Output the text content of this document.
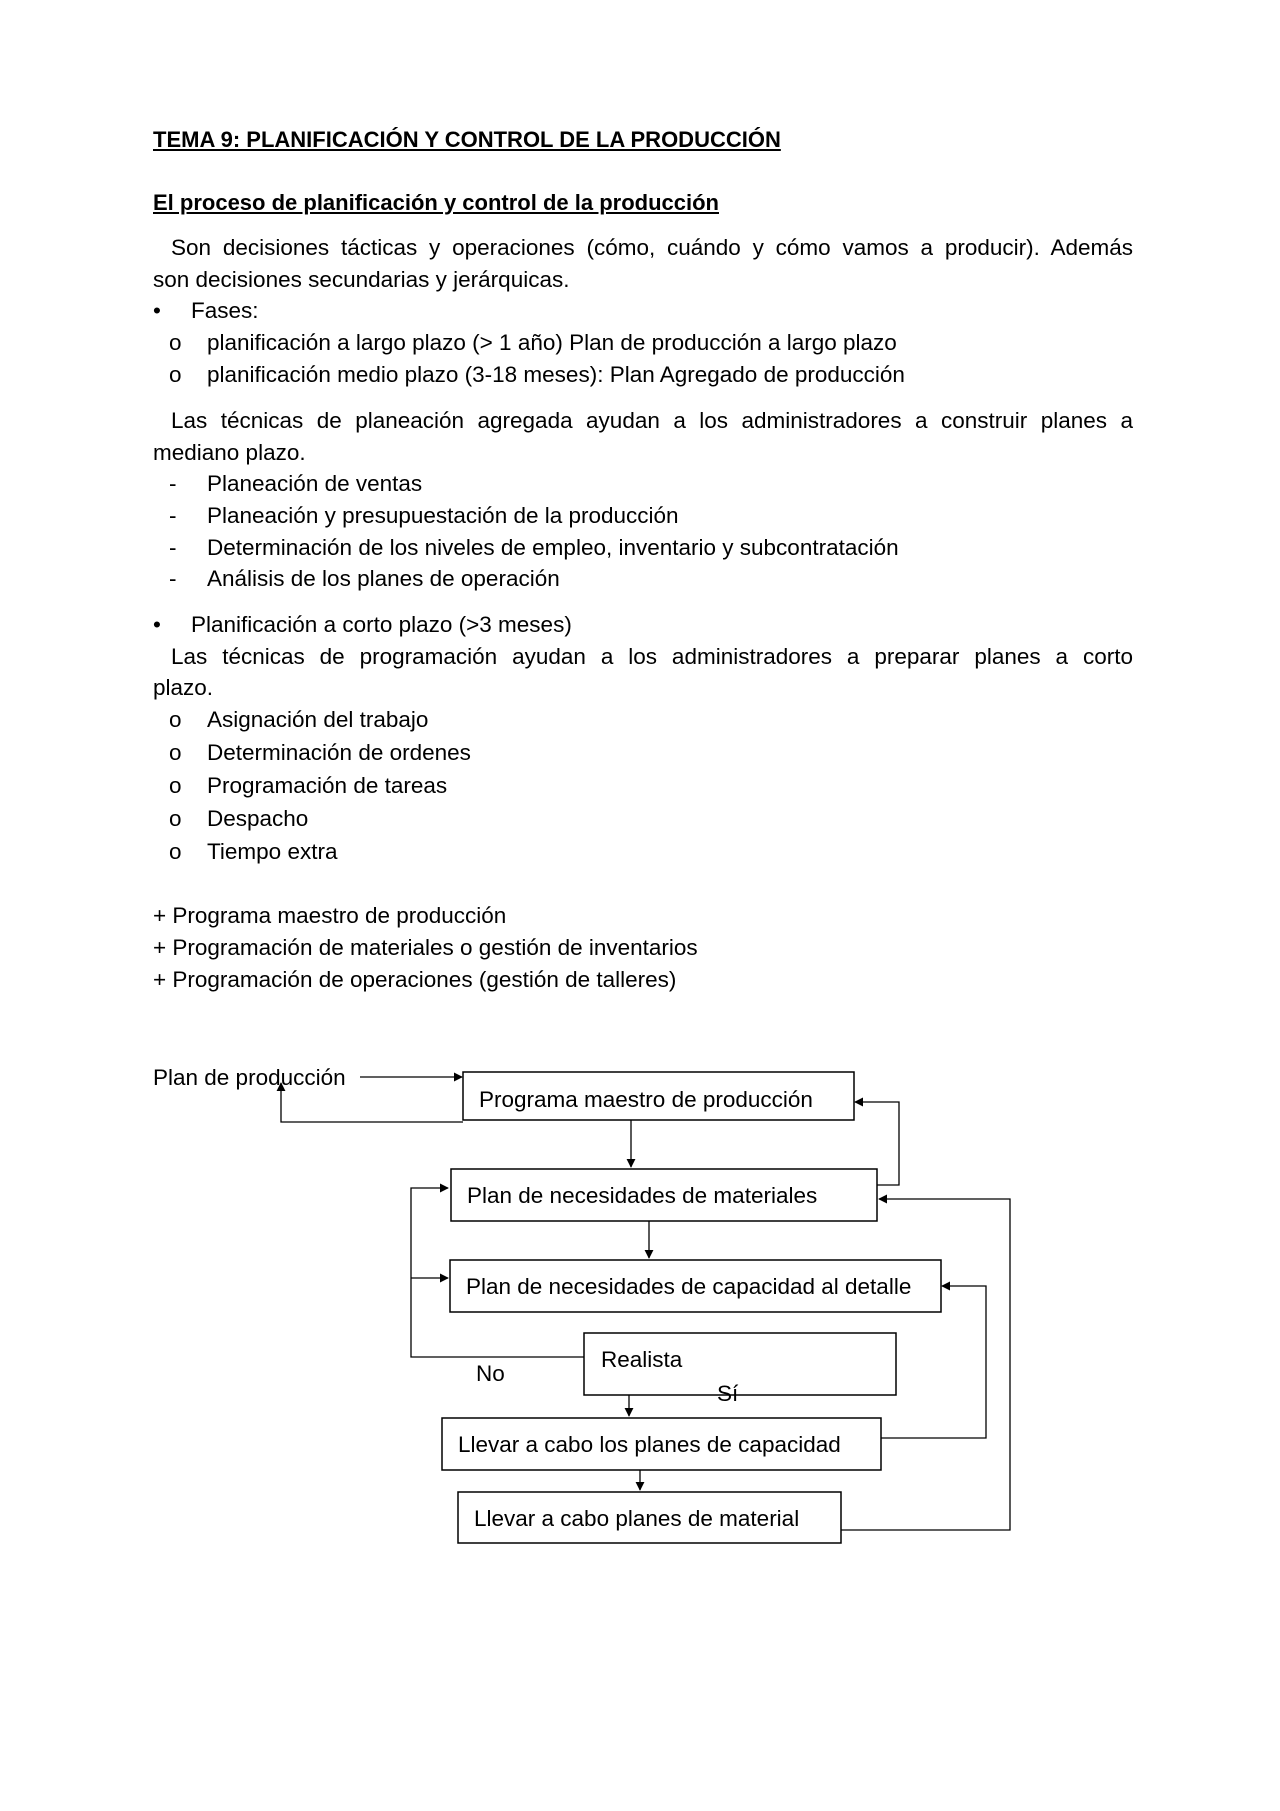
TEMA 9: PLANIFICACIÓN Y CONTROL DE LA PRODUCCIÓN
El proceso de planificación y control de la producción
Son decisiones tácticas y operaciones (cómo, cuándo y cómo vamos a producir). Además
son decisiones secundarias y jerárquicas.
• Fases:
o planificación a largo plazo (> 1 año) Plan de producción a largo plazo
o planificación medio plazo (3-18 meses): Plan Agregado de producción
Las técnicas de planeación agregada ayudan a los administradores a construir planes a
mediano plazo.
- Planeación de ventas
- Planeación y presupuestación de la producción
- Determinación de los niveles de empleo, inventario y subcontratación
- Análisis de los planes de operación
• Planificación a corto plazo (>3 meses)
Las técnicas de programación ayudan a los administradores a preparar planes a corto
plazo.
o Asignación del trabajo
o Determinación de ordenes
o Programación de tareas
o Despacho
o Tiempo extra
+ Programa maestro de producción
+ Programación de materiales o gestión de inventarios
+ Programación de operaciones (gestión de talleres)
Plan de producción
Programa maestro de producción
Plan de necesidades de materiales
Plan de necesidades de capacidad al detalle
Realista
No
Sí
Llevar a cabo los planes de capacidad
Llevar a cabo planes de material
